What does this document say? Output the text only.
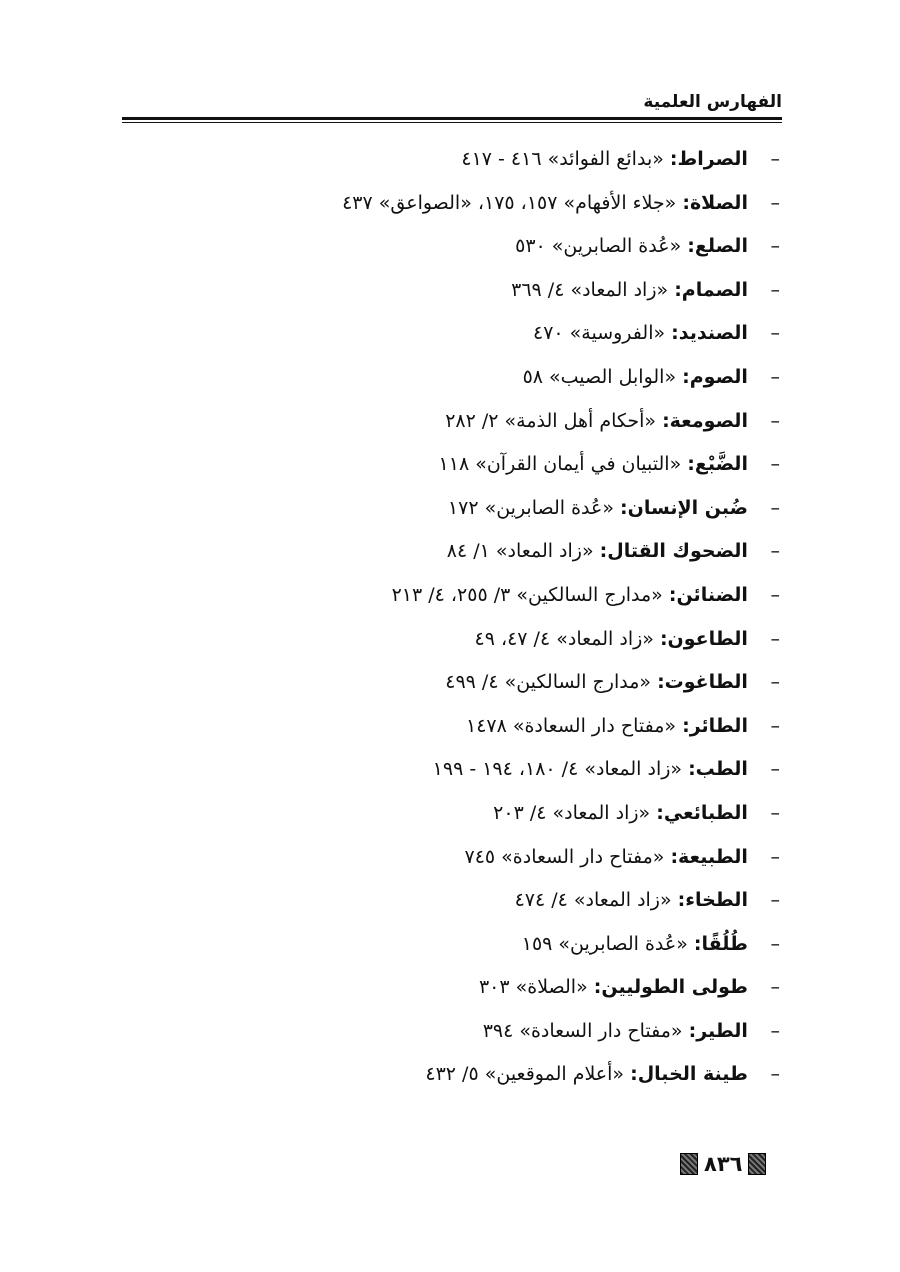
الفهارس العلمية
– الصراط: «بدائع الفوائد» ٤١٦ - ٤١٧
– الصلاة: «جلاء الأفهام» ١٥٧، ١٧٥، «الصواعق» ٤٣٧
– الصلع: «عُدة الصابرين» ٥٣٠
– الصمام: «زاد المعاد» ٤/ ٣٦٩
– الصنديد: «الفروسية» ٤٧٠
– الصوم: «الوابل الصيب» ٥٨
– الصومعة: «أحكام أهل الذمة» ٢/ ٢٨٢
– الضَّبْع: «التبيان في أيمان القرآن» ١١٨
– ضُبن الإنسان: «عُدة الصابرين» ١٧٢
– الضحوك القتال: «زاد المعاد» ١/ ٨٤
– الضنائن: «مدارج السالكين» ٣/ ٢٥٥، ٤/ ٢١٣
– الطاعون: «زاد المعاد» ٤/ ٤٧، ٤٩
– الطاغوت: «مدارج السالكين» ٤/ ٤٩٩
– الطائر: «مفتاح دار السعادة» ١٤٧٨
– الطب: «زاد المعاد» ٤/ ١٨٠، ١٩٤ - ١٩٩
– الطبائعي: «زاد المعاد» ٤/ ٢٠٣
– الطبيعة: «مفتاح دار السعادة» ٧٤٥
– الطخاء: «زاد المعاد» ٤/ ٤٧٤
– طُلُقًا: «عُدة الصابرين» ١٥٩
– طولى الطوليين: «الصلاة» ٣٠٣
– الطير: «مفتاح دار السعادة» ٣٩٤
– طينة الخبال: «أعلام الموقعين» ٥/ ٤٣٢
٨٣٦
